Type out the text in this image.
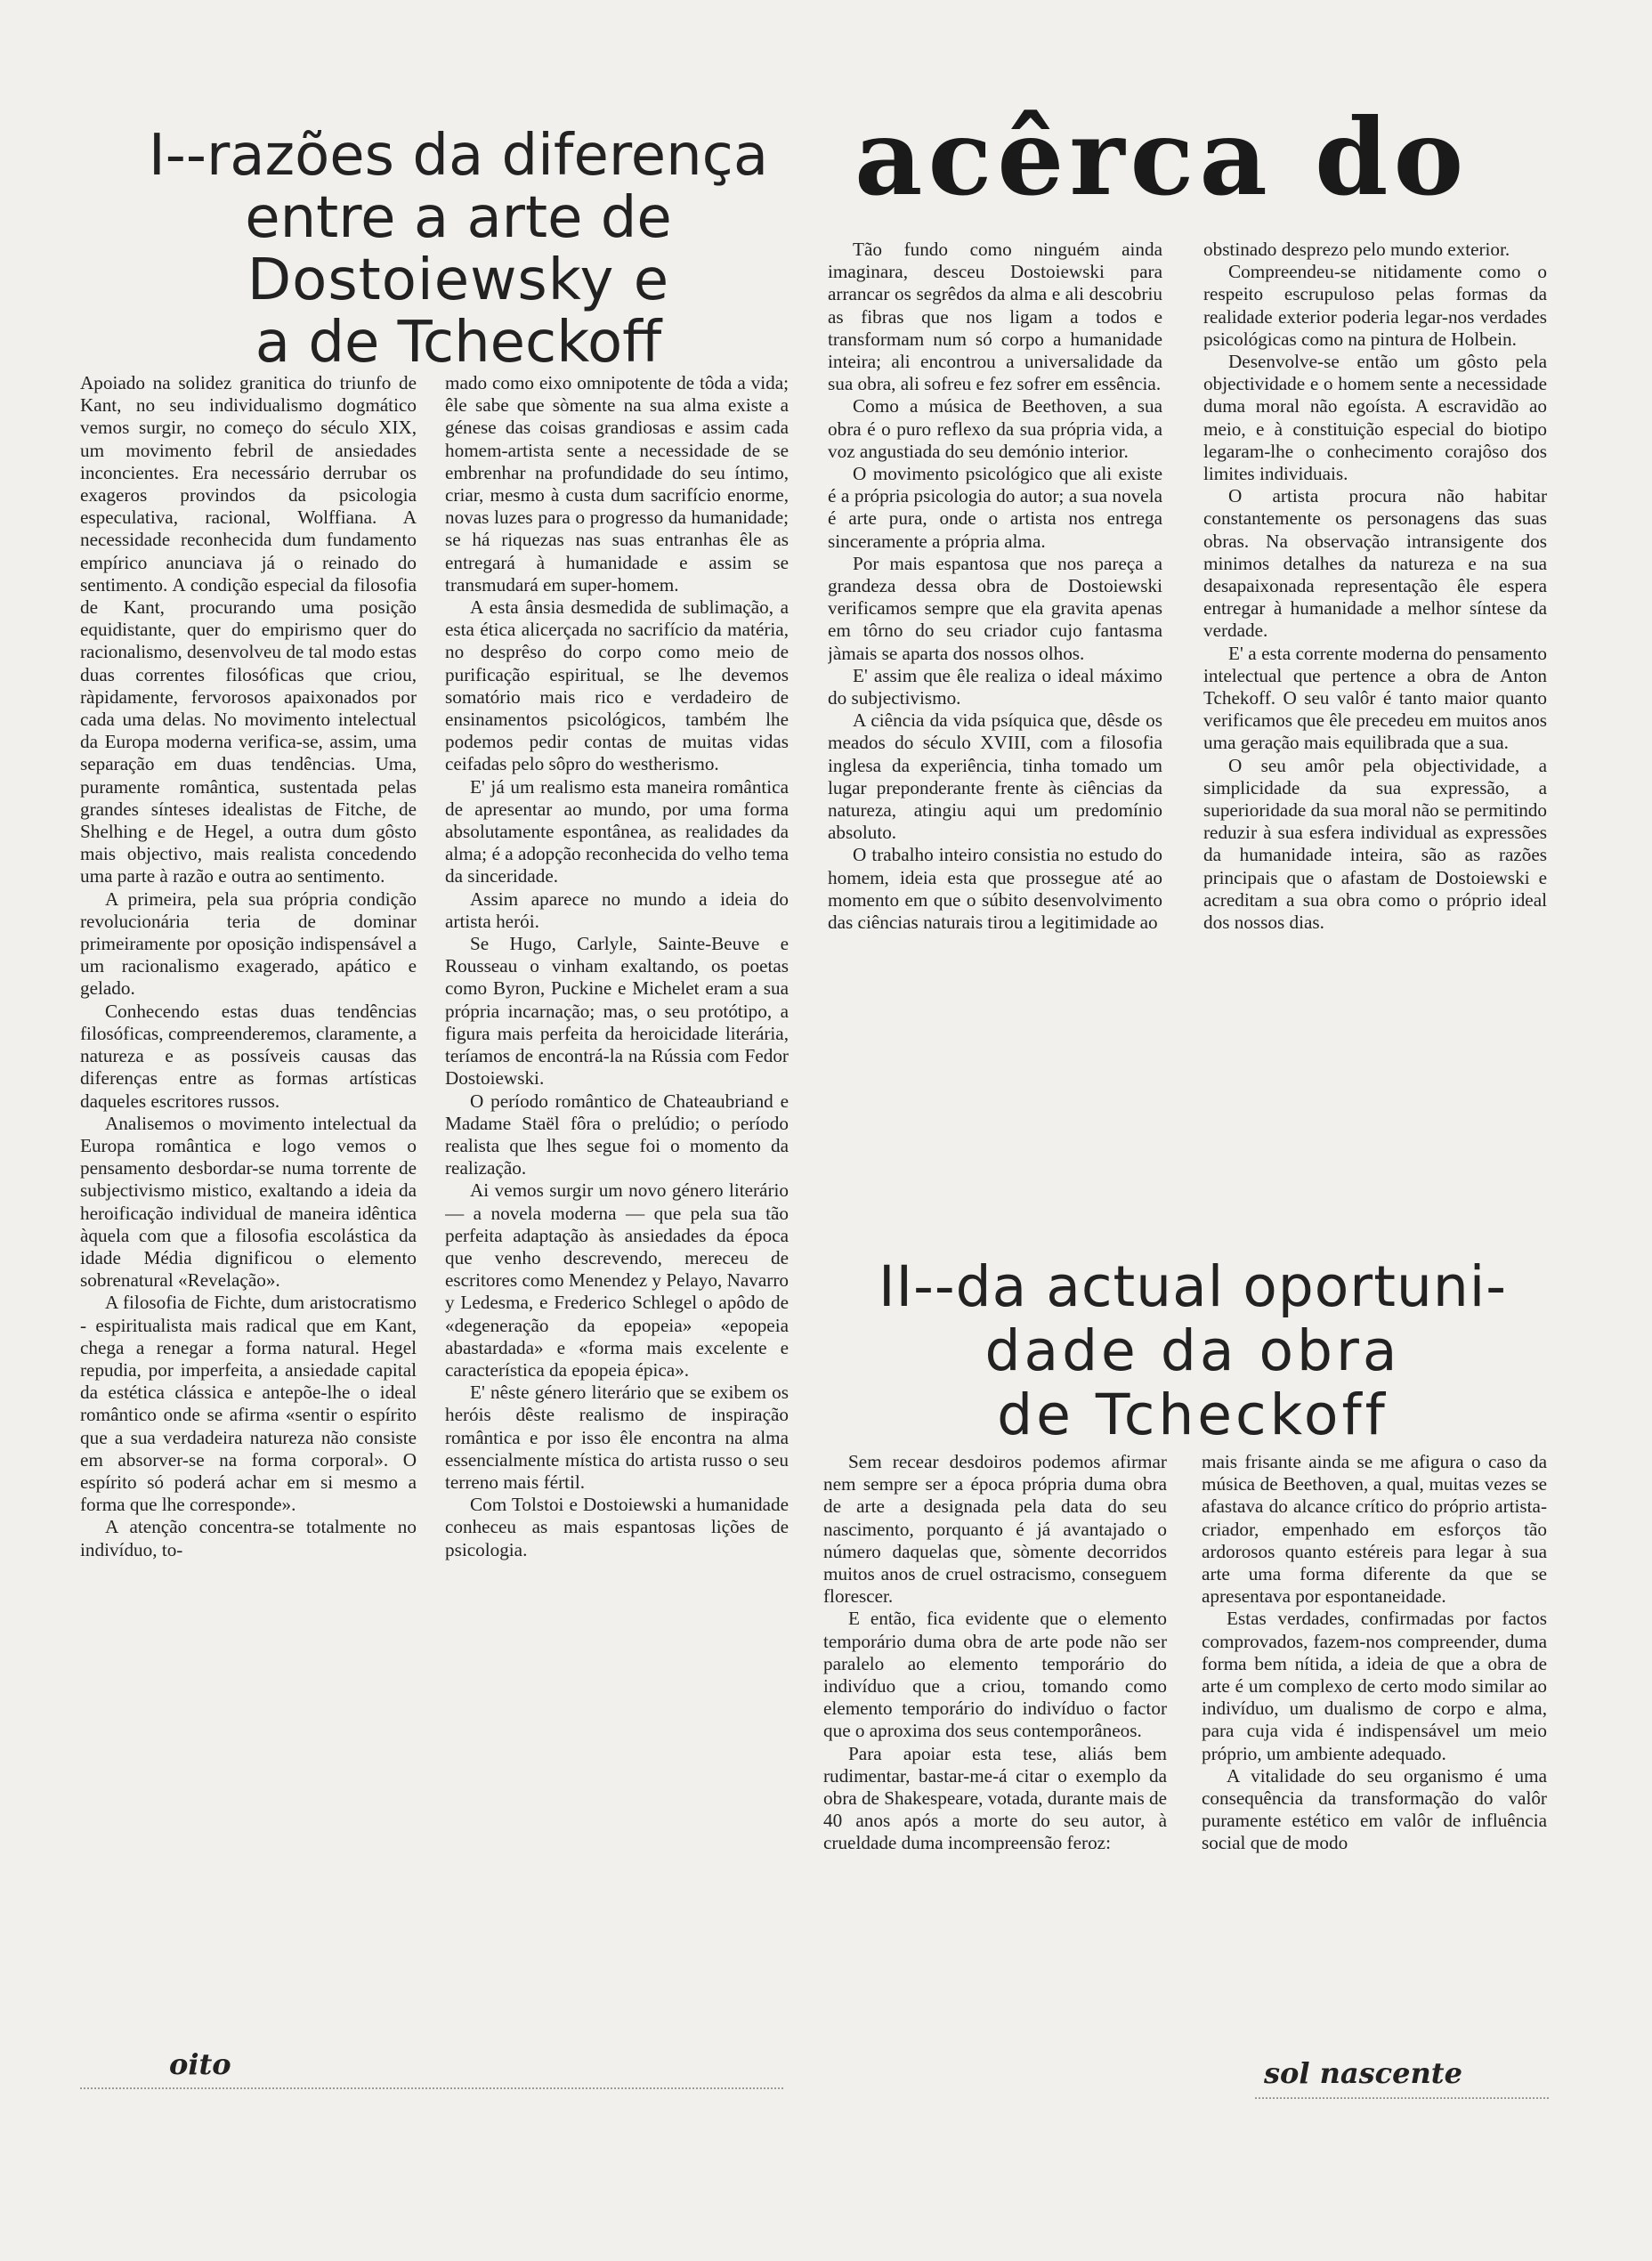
I--razões da diferença
entre a arte de
Dostoiewsky e
a de Tcheckoff
acêrca do

Apoiado na solidez granitica do triunfo de Kant, no seu individualismo dogmático vemos surgir, no começo do século XIX, um movimento febril de ansiedades inconcientes. Era necessário derrubar os exageros provindos da psicologia especulativa, racional, Wolffiana. A necessidade reconhecida dum fundamento empírico anunciava já o reinado do sentimento. A condição especial da filosofia de Kant, procurando uma posição equidistante, quer do empirismo quer do racionalismo, desenvolveu de tal modo estas duas correntes filosóficas que criou, ràpidamente, fervorosos apaixonados por cada uma delas. No movimento intelectual da Europa moderna verifica-se, assim, uma separação em duas tendências. Uma, puramente romântica, sustentada pelas grandes sínteses idealistas de Fitche, de Shelhing e de Hegel, a outra dum gôsto mais objectivo, mais realista concedendo uma parte à razão e outra ao sentimento.

A primeira, pela sua própria condição revolucionária teria de dominar primeiramente por oposição indispensável a um racionalismo exagerado, apático e gelado.

Conhecendo estas duas tendências filosóficas, compreenderemos, claramente, a natureza e as possíveis causas das diferenças entre as formas artísticas daqueles escritores russos.

Analisemos o movimento intelectual da Europa romântica e logo vemos o pensamento desbordar-se numa torrente de subjectivismo mistico, exaltando a ideia da heroificação individual de maneira idêntica àquela com que a filosofia escolástica da idade Média dignificou o elemento sobrenatural «Revelação».

A filosofia de Fichte, dum aristocratismo - espiritualista mais radical que em Kant, chega a renegar a forma natural. Hegel repudia, por imperfeita, a ansiedade capital da estética clássica e antepõe-lhe o ideal romântico onde se afirma «sentir o espírito que a sua verdadeira natureza não consiste em absorver-se na forma corporal». O espírito só poderá achar em si mesmo a forma que lhe corresponde».

A atenção concentra-se totalmente no indivíduo, to-

mado como eixo omnipotente de tôda a vida; êle sabe que sòmente na sua alma existe a génese das coisas grandiosas e assim cada homem-artista sente a necessidade de se embrenhar na profundidade do seu íntimo, criar, mesmo à custa dum sacrifício enorme, novas luzes para o progresso da humanidade; se há riquezas nas suas entranhas êle as entregará à humanidade e assim se transmudará em super-homem.

A esta ânsia desmedida de sublimação, a esta ética alicerçada no sacrifício da matéria, no desprêso do corpo como meio de purificação espiritual, se lhe devemos somatório mais rico e verdadeiro de ensinamentos psicológicos, também lhe podemos pedir contas de muitas vidas ceifadas pelo sôpro do westherismo.

E' já um realismo esta maneira romântica de apresentar ao mundo, por uma forma absolutamente espontânea, as realidades da alma; é a adopção reconhecida do velho tema da sinceridade.

Assim aparece no mundo a ideia do artista herói.

Se Hugo, Carlyle, Sainte-Beuve e Rousseau o vinham exaltando, os poetas como Byron, Puckine e Michelet eram a sua própria incarnação; mas, o seu protótipo, a figura mais perfeita da heroicidade literária, teríamos de encontrá-la na Rússia com Fedor Dostoiewski.

O período romântico de Chateaubriand e Madame Staël fôra o prelúdio; o período realista que lhes segue foi o momento da realização.

Ai vemos surgir um novo género literário — a novela moderna — que pela sua tão perfeita adaptação às ansiedades da época que venho descrevendo, mereceu de escritores como Menendez y Pelayo, Navarro y Ledesma, e Frederico Schlegel o apôdo de «degeneração da epopeia» «epopeia abastardada» e «forma mais excelente e característica da epopeia épica».

E' nêste género literário que se exibem os heróis dêste realismo de inspiração romântica e por isso êle encontra na alma essencialmente mística do artista russo o seu terreno mais fértil.

Com Tolstoi e Dostoiewski a humanidade conheceu as mais espantosas lições de psicologia.

Tão fundo como ninguém ainda imaginara, desceu Dostoiewski para arrancar os segrêdos da alma e ali descobriu as fibras que nos ligam a todos e transformam num só corpo a humanidade inteira; ali encontrou a universalidade da sua obra, ali sofreu e fez sofrer em essência.

Como a música de Beethoven, a sua obra é o puro reflexo da sua própria vida, a voz angustiada do seu demónio interior.

O movimento psicológico que ali existe é a própria psicologia do autor; a sua novela é arte pura, onde o artista nos entrega sinceramente a própria alma.

Por mais espantosa que nos pareça a grandeza dessa obra de Dostoiewski verificamos sempre que ela gravita apenas em tôrno do seu criador cujo fantasma jàmais se aparta dos nossos olhos.

E' assim que êle realiza o ideal máximo do subjectivismo.

A ciência da vida psíquica que, dêsde os meados do século XVIII, com a filosofia inglesa da experiência, tinha tomado um lugar preponderante frente às ciências da natureza, atingiu aqui um predomínio absoluto.

O trabalho inteiro consistia no estudo do homem, ideia esta que prossegue até ao momento em que o súbito desenvolvimento das ciências naturais tirou a legitimidade ao

obstinado desprezo pelo mundo exterior.

Compreendeu-se nitidamente como o respeito escrupuloso pelas formas da realidade exterior poderia legar-nos verdades psicológicas como na pintura de Holbein.

Desenvolve-se então um gôsto pela objectividade e o homem sente a necessidade duma moral não egoísta. A escravidão ao meio, e à constituição especial do biotipo legaram-lhe o conhecimento corajôso dos limites individuais.

O artista procura não habitar constantemente os personagens das suas obras. Na observação intransigente dos minimos detalhes da natureza e na sua desapaixonada representação êle espera entregar à humanidade a melhor síntese da verdade.

E' a esta corrente moderna do pensamento intelectual que pertence a obra de Anton Tchekoff. O seu valôr é tanto maior quanto verificamos que êle precedeu em muitos anos uma geração mais equilibrada que a sua.

O seu amôr pela objectividade, a simplicidade da sua expressão, a superioridade da sua moral não se permitindo reduzir à sua esfera individual as expressões da humanidade inteira, são as razões principais que o afastam de Dostoiewski e acreditam a sua obra como o próprio ideal dos nossos dias.

II--da actual oportuni-
dade da obra
de Tcheckoff

Sem recear desdoiros podemos afirmar nem sempre ser a época própria duma obra de arte a designada pela data do seu nascimento, porquanto é já avantajado o número daquelas que, sòmente decorridos muitos anos de cruel ostracismo, conseguem florescer.

E então, fica evidente que o elemento temporário duma obra de arte pode não ser paralelo ao elemento temporário do indivíduo que a criou, tomando como elemento temporário do indivíduo o factor que o aproxima dos seus contemporâneos.

Para apoiar esta tese, aliás bem rudimentar, bastar-me-á citar o exemplo da obra de Shakespeare, votada, durante mais de 40 anos após a morte do seu autor, à crueldade duma incompreensão feroz:

mais frisante ainda se me afigura o caso da música de Beethoven, a qual, muitas vezes se afastava do alcance crítico do próprio artista-criador, empenhado em esforços tão ardorosos quanto estéreis para legar à sua arte uma forma diferente da que se apresentava por espontaneidade.

Estas verdades, confirmadas por factos comprovados, fazem-nos compreender, duma forma bem nítida, a ideia de que a obra de arte é um complexo de certo modo similar ao indivíduo, um dualismo de corpo e alma, para cuja vida é indispensável um meio próprio, um ambiente adequado.

A vitalidade do seu organismo é uma consequência da transformação do valôr puramente estético em valôr de influência social que de modo

oito	sol nascente
